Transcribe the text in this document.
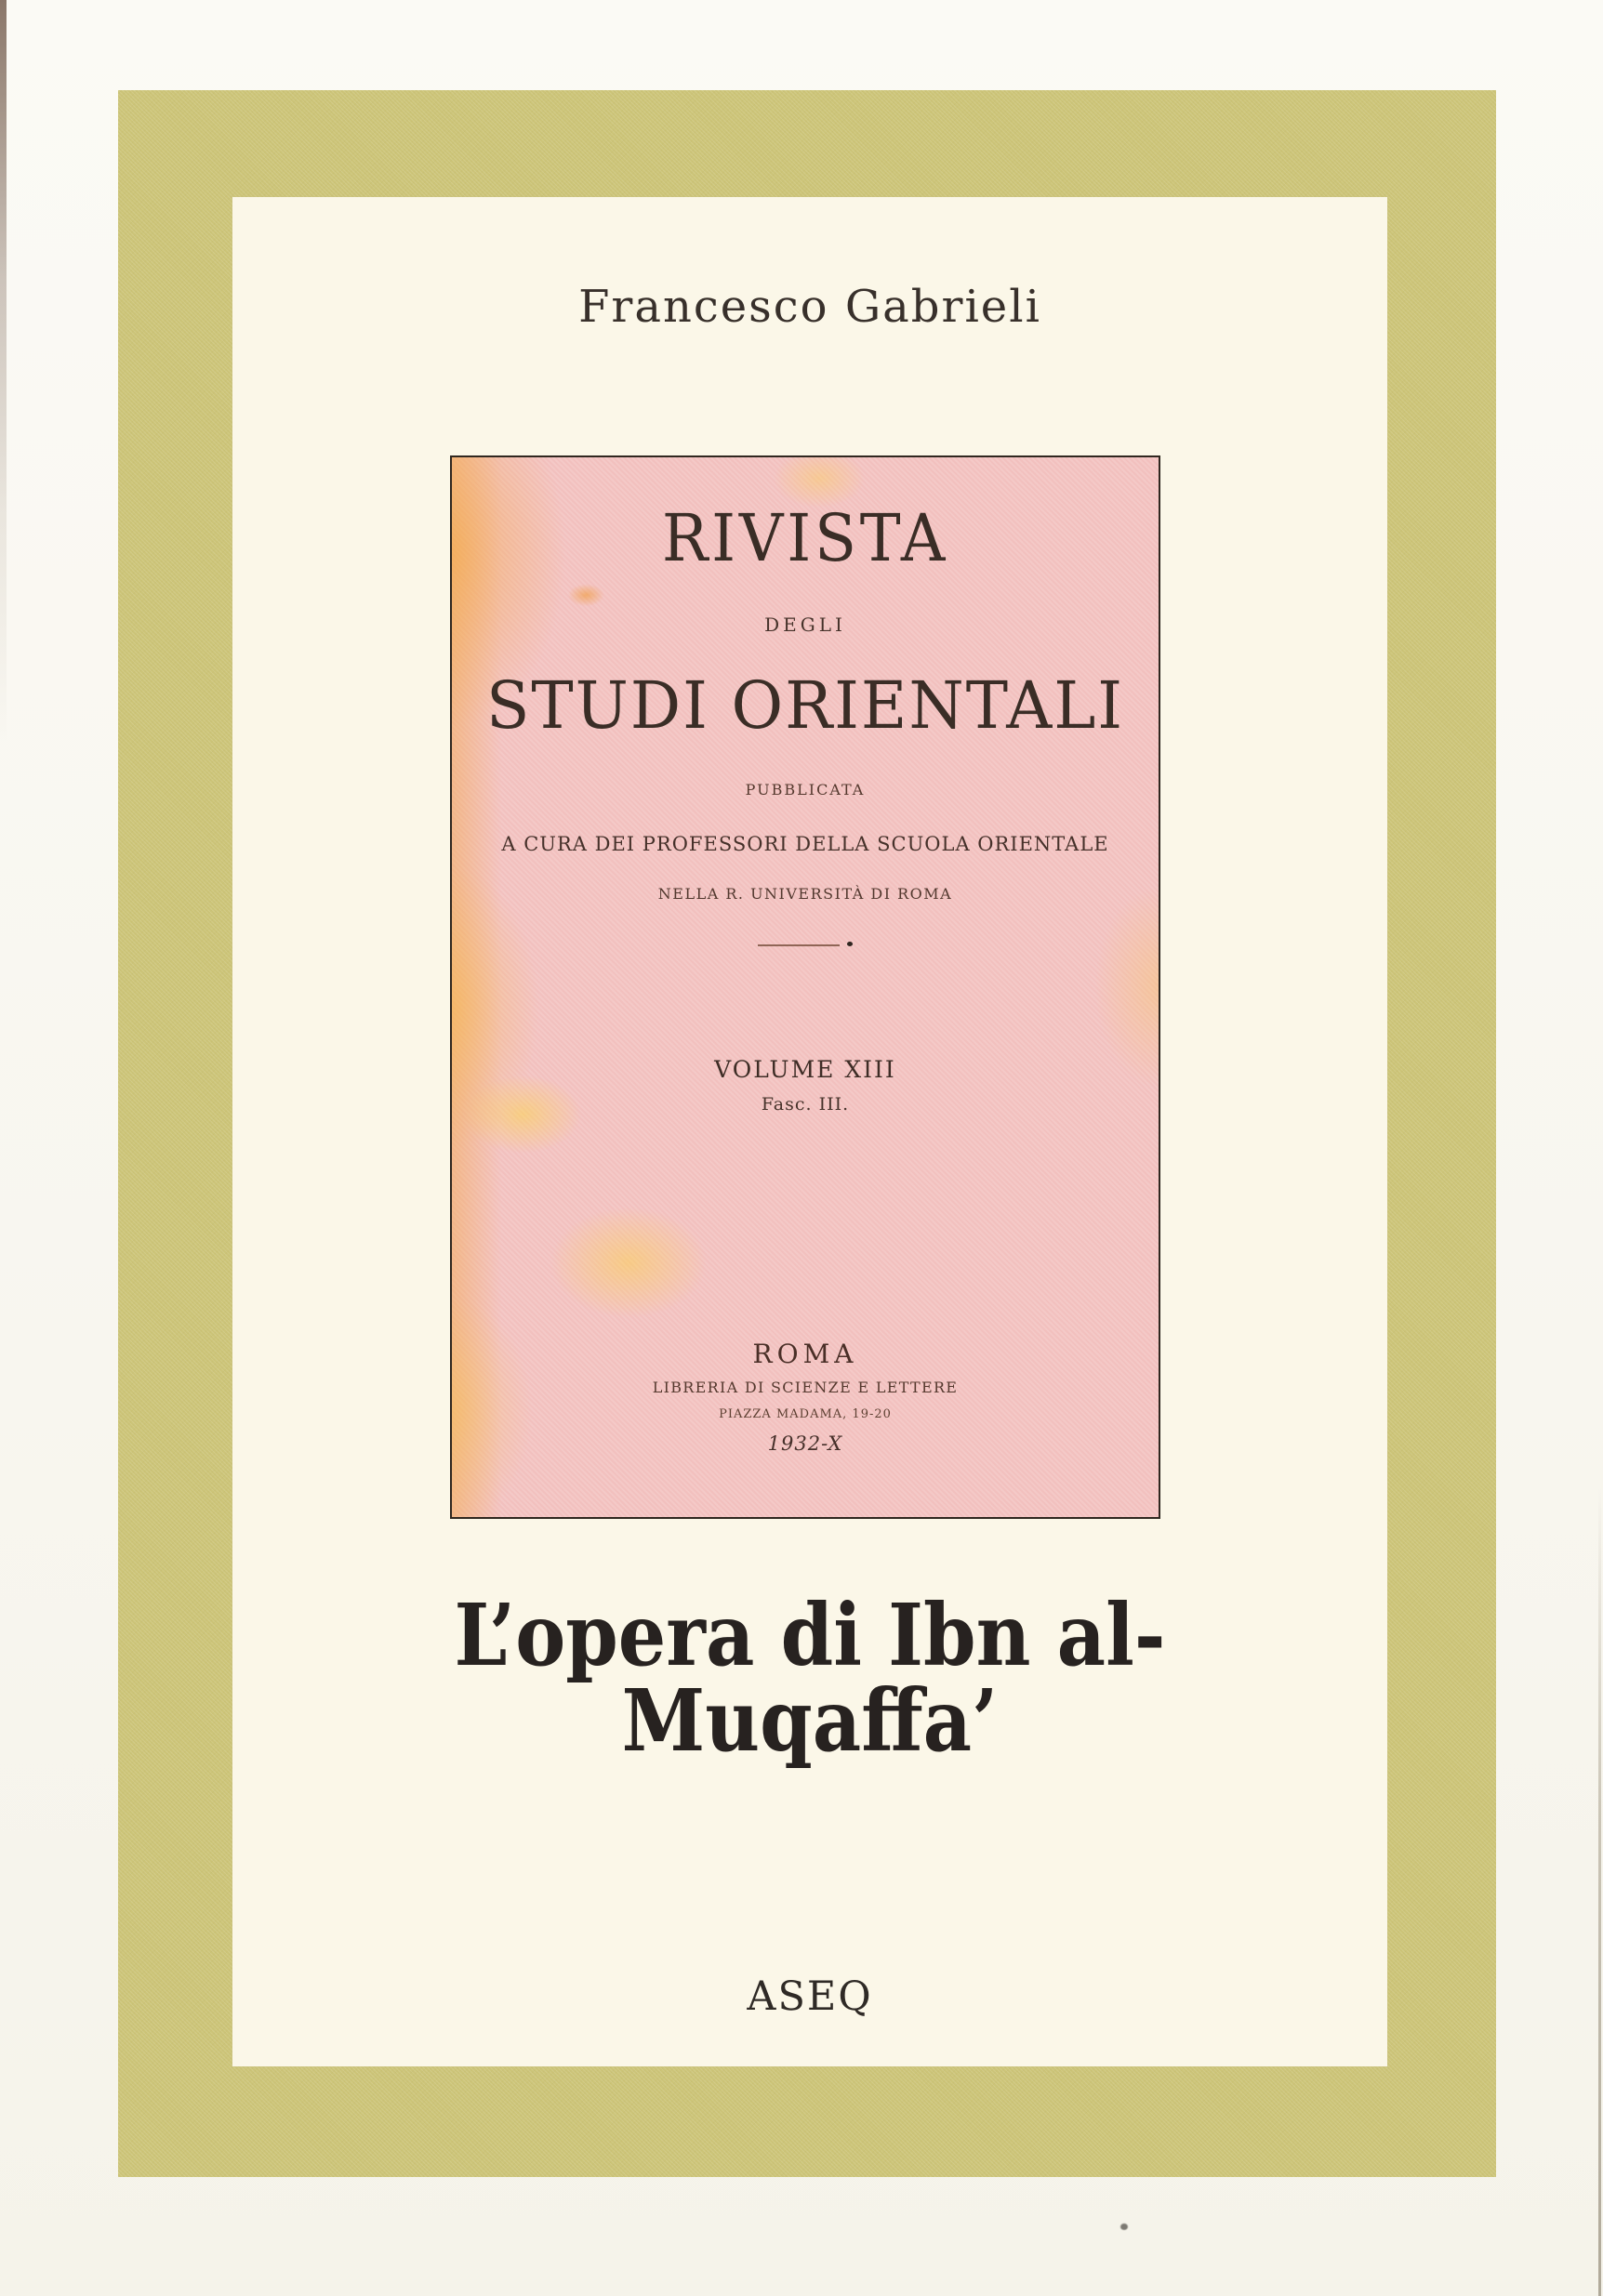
Francesco Gabrieli
RIVISTA
DEGLI
STUDI ORIENTALI
PUBBLICATA
A CURA DEI PROFESSORI DELLA SCUOLA ORIENTALE
NELLA R. UNIVERSITÀ DI ROMA
VOLUME XIII
Fasc. III.
ROMA
LIBRERIA DI SCIENZE E LETTERE
PIAZZA MADAMA, 19-20
1932-X
L’opera di Ibn al-Muqaffa’
ASEQ
